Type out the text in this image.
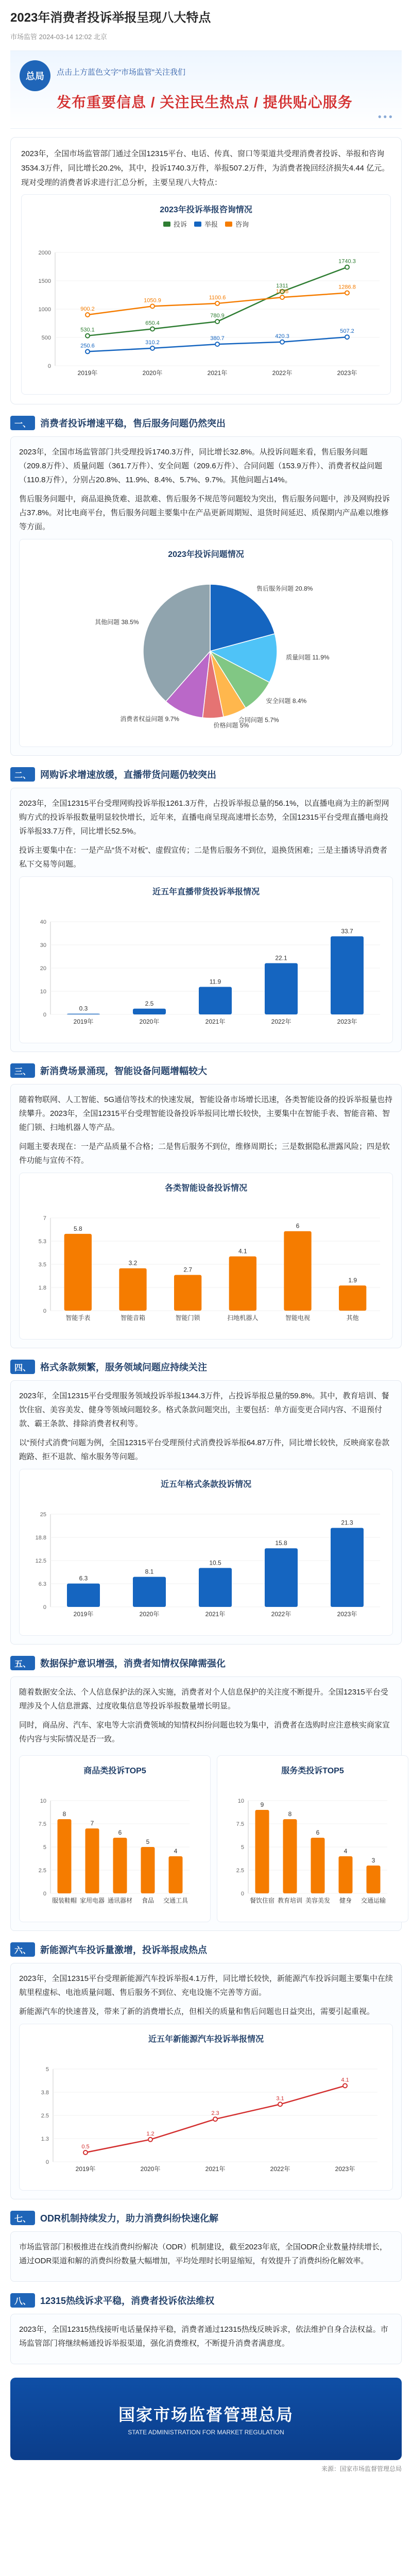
2023年消费者投诉举报呈现八大特点
市场监管 2024-03-14 12:02 北京
总局	点击上方蓝色文字“市场监管”关注我们
发布重要信息 / 关注民生热点 / 提供贴心服务
● ● ●

2023年，全国市场监管部门通过全国12315平台、电话、传真、窗口等渠道共受理消费者投诉、举报和咨询3534.3万件，同比增长20.2%，其中，投诉1740.3万件，举报507.2万件，为消费者挽回经济损失4.44 亿元。现对受理的消费者诉求进行汇总分析，主要呈现八大特点：

2023年投诉举报咨询情况
投诉	举报	咨询
0
500
1000
1500
2000
2019年	2020年	2021年	2022年	2023年
530.1
650.4
780.9
1311
1740.3
250.6
310.2
380.7	420.3
507.2
900.2
1050.9	1100.6
1208
1286.8
一、	消费者投诉增速平稳，售后服务问题仍然突出

2023年，全国市场监管部门共受理投诉1740.3万件，同比增长32.8%。从投诉问题来看，售后服务问题（209.8万件）、质量问题（361.7万件）、安全问题（209.6万件）、合同问题（153.9万件）、消费者权益问题（110.8万件），分别占20.8%、11.9%、8.4%、5.7%、9.7%。其他问题占14%。

售后服务问题中，商品退换货难、退款难、售后服务不规范等问题较为突出，售后服务问题中，涉及网购投诉占37.8%。对比电商平台，售后服务问题主要集中在产品更新周期短、退货时间延迟、质保期内产品难以维修等方面。

2023年投诉问题情况
售后服务问题 20.8%
质量问题 11.9%
安全问题 8.4%
合同问题 5.7%
价格问题 5%
消费者权益问题 9.7%
其他问题 38.5%
二、	网购诉求增速放缓，直播带货问题仍较突出

2023年，全国12315平台受理网购投诉举报1261.3万件，占投诉举报总量的56.1%，以直播电商为主的新型网购方式的投诉举报数量明显较快增长，近年来，直播电商呈现高速增长态势，全国12315平台受理直播电商投诉举报33.7万件，同比增长52.5%。

投诉主要集中在：一是产品“货不对板”、虚假宣传；二是售后服务不到位，退换货困难；三是主播诱导消费者私下交易等问题。

近五年直播带货投诉举报情况
0
10
20
30
40
2019年	2020年	2021年	2022年	2023年
0.3
2.5
11.9
22.1
33.7
三、	新消费场景涌现，智能设备问题增幅较大

随着物联网、人工智能、5G通信等技术的快速发展，智能设备市场增长迅速，各类智能设备的投诉举报量也持续攀升。2023年，全国12315平台受理智能设备投诉举报同比增长较快，主要集中在智能手表、智能音箱、智能门锁、扫地机器人等产品。

问题主要表现在：一是产品质量不合格；二是售后服务不到位，维修周期长；三是数据隐私泄露风险；四是软件功能与宣传不符。

各类智能设备投诉情况
0
1.8
3.5
5.3
7
智能手表	智能音箱	智能门锁	扫地机器人	智能电视	其他
5.8
3.2
2.7
4.1
6
1.9
四、	格式条款频繁，服务领域问题应持续关注

2023年，全国12315平台受理服务领域投诉举报1344.3万件，占投诉举报总量的59.8%。其中，教育培训、餐饮住宿、美容美发、健身等领域问题较多。格式条款问题突出，主要包括：单方面变更合同内容、不退预付款、霸王条款、排除消费者权利等。

以“预付式消费”问题为例，全国12315平台受理预付式消费投诉举报64.87万件，同比增长较快，反映商家卷款跑路、拒不退款、缩水服务等问题。

近五年格式条款投诉情况
0
6.3
12.5
18.8
25
2019年	2020年	2021年	2022年	2023年
6.3
8.1
10.5
15.8
21.3
五、	数据保护意识增强，消费者知情权保障需强化

随着数据安全法、个人信息保护法的深入实施，消费者对个人信息保护的关注度不断提升。全国12315平台受理涉及个人信息泄露、过度收集信息等投诉举报数量增长明显。

同时，商品房、汽车、家电等大宗消费领域的知情权纠纷问题也较为集中，消费者在选购时应注意核实商家宣传内容与实际情况是否一致。

商品类投诉TOP5
0
2.5
5
7.5
10
服装鞋帽 家用电器 通讯器材 食品 交通工具
8
7
6
5
4
服务类投诉TOP5
0
2.5
5
7.5
10
餐饮住宿 教育培训 美容美发 健身 交通运输
9
8
6
4
3
六、	新能源汽车投诉量激增，投诉举报成热点

2023年，全国12315平台受理新能源汽车投诉举报4.1万件，同比增长较快，新能源汽车投诉问题主要集中在续航里程虚标、电池质量问题、售后服务不到位、充电设施不完善等方面。

新能源汽车的快速普及，带来了新的消费增长点，但相关的质量和售后问题也日益突出，需要引起重视。

近五年新能源汽车投诉举报情况
0
1.3
2.5
3.8
5
2019年	2020年	2021年	2022年	2023年
0.5
1.2
2.3
3.1
4.1
七、	ODR机制持续发力，助力消费纠纷快速化解

市场监管部门积极推进在线消费纠纷解决（ODR）机制建设，截至2023年底，全国ODR企业数量持续增长，通过ODR渠道和解的消费纠纷数量大幅增加，平均处理时长明显缩短，有效提升了消费纠纷化解效率。

八、	12315热线诉求平稳，消费者投诉依法维权

2023年，全国12315热线接听电话量保持平稳，消费者通过12315热线反映诉求，依法维护自身合法权益。市场监管部门将继续畅通投诉举报渠道，强化消费维权，不断提升消费者满意度。

国家市场监督管理总局
STATE ADMINISTRATION FOR MARKET REGULATION
来源：国家市场监督管理总局
